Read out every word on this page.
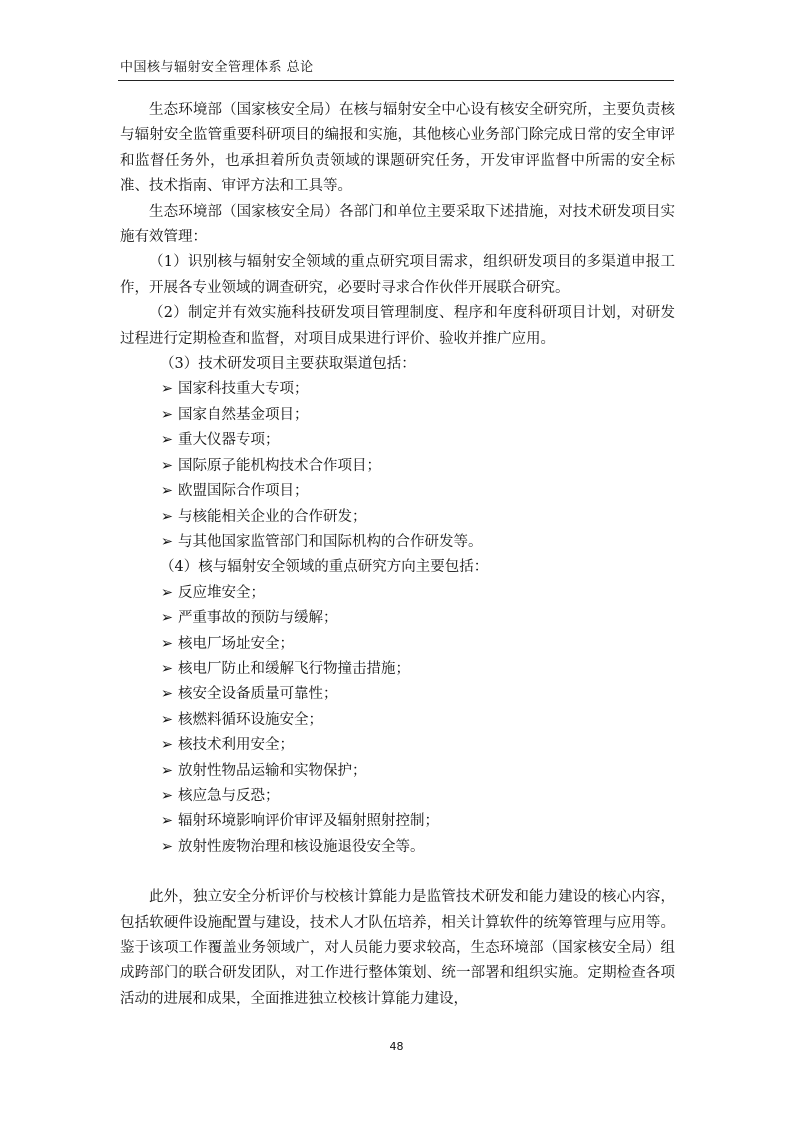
中国核与辐射安全管理体系 总论

生态环境部（国家核安全局）在核与辐射安全中心设有核安全研究所，主要负责核与辐射安全监管重要科研项目的编报和实施，其他核心业务部门除完成日常的安全审评和监督任务外，也承担着所负责领域的课题研究任务，开发审评监督中所需的安全标准、技术指南、审评方法和工具等。

生态环境部（国家核安全局）各部门和单位主要采取下述措施，对技术研发项目实施有效管理：

（1）识别核与辐射安全领域的重点研究项目需求，组织研发项目的多渠道申报工作，开展各专业领域的调查研究，必要时寻求合作伙伴开展联合研究。

（2）制定并有效实施科技研发项目管理制度、程序和年度科研项目计划，对研发过程进行定期检查和监督，对项目成果进行评价、验收并推广应用。

（3）技术研发项目主要获取渠道包括：

➢ 国家科技重大专项；
➢ 国家自然基金项目；
➢ 重大仪器专项；
➢ 国际原子能机构技术合作项目；
➢ 欧盟国际合作项目；
➢ 与核能相关企业的合作研发；
➢ 与其他国家监管部门和国际机构的合作研发等。

（4）核与辐射安全领域的重点研究方向主要包括：

➢ 反应堆安全；
➢ 严重事故的预防与缓解；
➢ 核电厂场址安全；
➢ 核电厂防止和缓解飞行物撞击措施；
➢ 核安全设备质量可靠性；
➢ 核燃料循环设施安全；
➢ 核技术利用安全；
➢ 放射性物品运输和实物保护；
➢ 核应急与反恐；
➢ 辐射环境影响评价审评及辐射照射控制；
➢ 放射性废物治理和核设施退役安全等。

此外，独立安全分析评价与校核计算能力是监管技术研发和能力建设的核心内容，包括软硬件设施配置与建设，技术人才队伍培养，相关计算软件的统筹管理与应用等。鉴于该项工作覆盖业务领域广，对人员能力要求较高，生态环境部（国家核安全局）组成跨部门的联合研发团队，对工作进行整体策划、统一部署和组织实施。定期检查各项活动的进展和成果，全面推进独立校核计算能力建设，

48
